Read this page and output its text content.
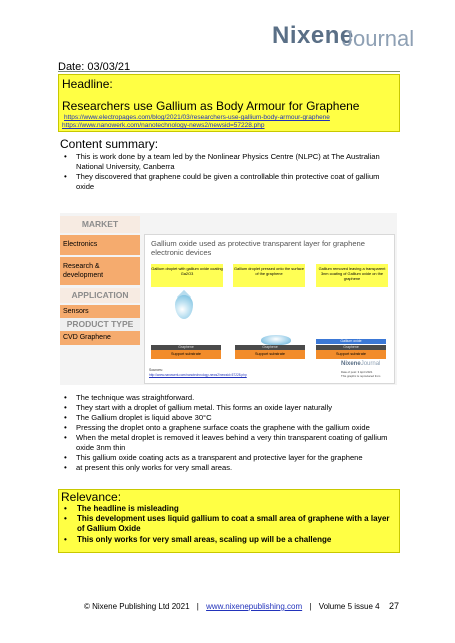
Nixene
Journal
Date: 03/03/21
Headline:
Researchers use Gallium as Body Armour for Graphene
https://www.electropages.com/blog/2021/03/researchers-use-gallium-body-armour-graphene
https://www.nanowerk.com/nanotechnology-news2/newsid=57228.php
Content summary:
• This is work done by a team led by the Nonlinear Physics Centre (NLPC) at The Australian National University, Canberra
• They discovered that graphene could be given a controllable thin protective coat of gallium oxide
MARKET
Electronics
Research & development
APPLICATION
Sensors
PRODUCT TYPE
CVD Graphene
Gallium oxide used as protective transparent layer for graphene electronic devices
Gallium droplet with gallium oxide coating Ga2O3
Gallium droplet pressed onto the surface of the graphene
Gallium removed leaving a transparent 3nm coating of Gallium oxide on the graphene
Graphene
Support substrate
Graphene
Support substrate
Gallium oxide
Graphene
Support substrate
Sources:
http://www.nanowerk.com/nanotechnology-news2/newsid=57228.php
NixeneJournal
Date of post: 3 April 2021
This graphic is reproduced from
• The technique was straightforward.
• They start with a droplet of gallium metal. This forms an oxide layer naturally
• The Gallium droplet is liquid above 30°C
• Pressing the droplet onto a graphene surface coats the graphene with the gallium oxide
• When the metal droplet is removed it leaves behind a very thin transparent coating of gallium oxide 3nm thin
• This gallium oxide coating acts as a transparent and protective layer for the graphene
• at present this only works for very small areas.
Relevance:
• The headline is misleading
• This development uses liquid gallium to coat a small area of graphene with a layer of Gallium Oxide
• This only works for very small areas, scaling up will be a challenge
© Nixene Publishing Ltd 2021 | www.nixenepublishing.com | Volume 5 issue 4 27
